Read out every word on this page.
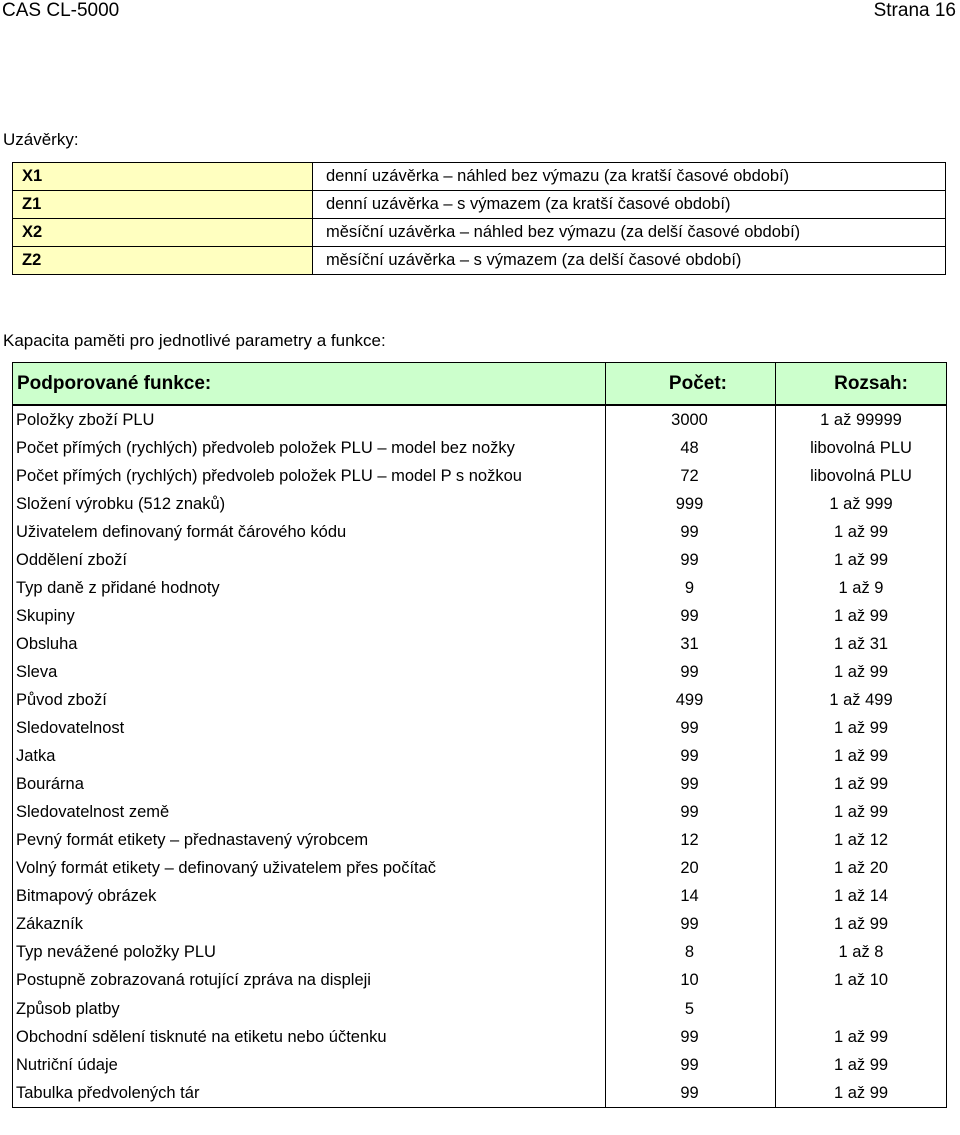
CAS CL-5000	Strana 16
Uzávěrky:
X1	denní uzávěrka – náhled bez výmazu (za kratší časové období)
Z1	denní uzávěrka – s výmazem (za kratší časové období)
X2	měsíční uzávěrka – náhled bez výmazu (za delší časové období)
Z2	měsíční uzávěrka – s výmazem (za delší časové období)
Kapacita paměti pro jednotlivé parametry a funkce:
Podporované funkce:	Počet:	Rozsah:
Položky zboží PLU	3000	1 až 99999
Počet přímých (rychlých) předvoleb položek PLU – model bez nožky	48	libovolná PLU
Počet přímých (rychlých) předvoleb položek PLU – model P s nožkou	72	libovolná PLU
Složení výrobku (512 znaků)	999	1 až 999
Uživatelem definovaný formát čárového kódu	99	1 až 99
Oddělení zboží	99	1 až 99
Typ daně z přidané hodnoty	9	1 až 9
Skupiny	99	1 až 99
Obsluha	31	1 až 31
Sleva	99	1 až 99
Původ zboží	499	1 až 499
Sledovatelnost	99	1 až 99
Jatka	99	1 až 99
Bourárna	99	1 až 99
Sledovatelnost země	99	1 až 99
Pevný formát etikety – přednastavený výrobcem	12	1 až 12
Volný formát etikety – definovaný uživatelem přes počítač	20	1 až 20
Bitmapový obrázek	14	1 až 14
Zákazník	99	1 až 99
Typ nevážené položky PLU	8	1 až 8
Postupně zobrazovaná rotující zpráva na displeji	10	1 až 10
Způsob platby	5	
Obchodní sdělení tisknuté na etiketu nebo účtenku	99	1 až 99
Nutriční údaje	99	1 až 99
Tabulka předvolených tár	99	1 až 99
